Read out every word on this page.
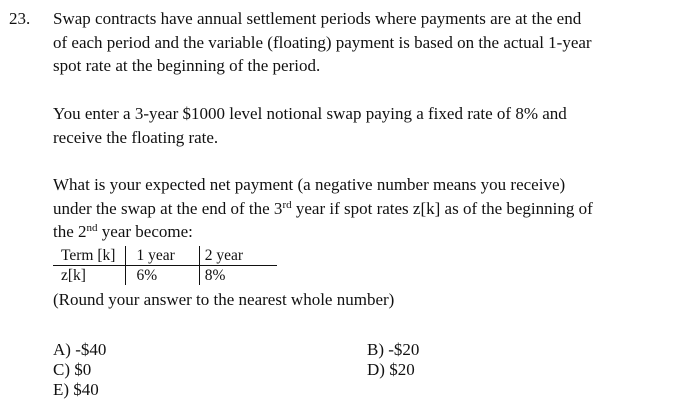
23. Swap contracts have annual settlement periods where payments are at the end
of each period and the variable (floating) payment is based on the actual 1-year
spot rate at the beginning of the period.
You enter a 3-year $1000 level notional swap paying a fixed rate of 8% and
receive the floating rate.
What is your expected net payment (a negative number means you receive)
under the swap at the end of the 3rd year if spot rates z[k] as of the beginning of
the 2nd year become:
Term [k]	1 year	2 year
z[k]	6%	8%
(Round your answer to the nearest whole number)
A) -$40	B) -$20
C) $0	D) $20
E) $40
